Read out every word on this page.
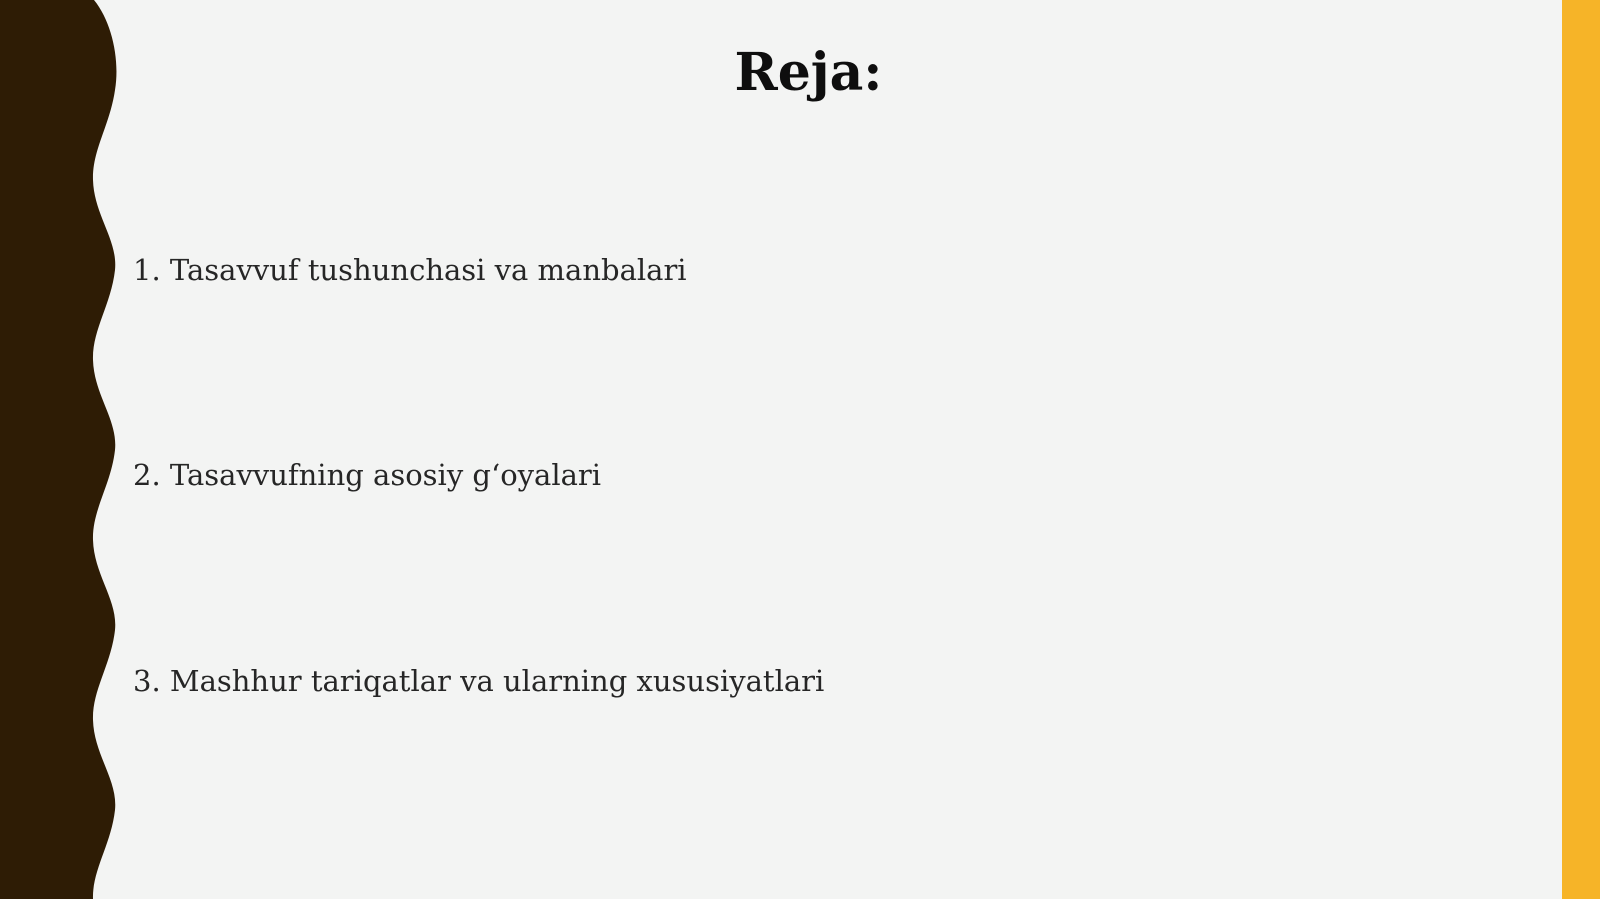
Reja:
1. Tasavvuf tushunchasi va manbalari
2. Tasavvufning asosiy g‘oyalari
3. Mashhur tariqatlar va ularning xususiyatlari
